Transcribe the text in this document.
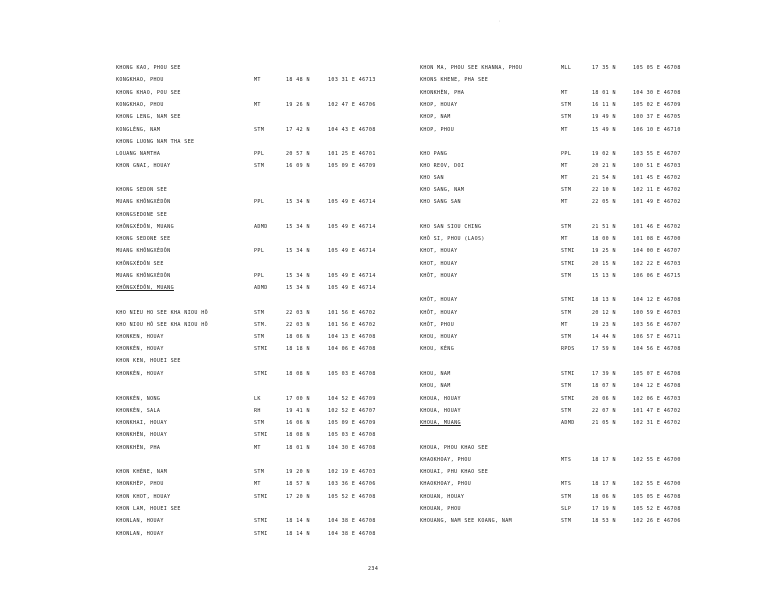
'
KHONG KAO, PHOU SEE
KONGKHAO, PHOU	MT	18 48 N	103 31 E 46713
KHONG KHAO, POU SEE
KONGKHAO, PHOU	MT	19 26 N	102 47 E 46706
KHONG LENG, NAM SEE
KONGLÈNG, NAM	STM	17 42 N	104 43 E 46708
KHONG LUONG NAM THA SEE
LOUANG NAMTHA	PPL	20 57 N	101 25 E 46701
KHON GNAI, HOUAY	STM	16 09 N	105 09 E 46709
KHONG SEDON SEE
MUANG KHÔNGXÉDÔN	PPL	15 34 N	105 49 E 46714
KHONGSEDONE SEE
KHÔNGXÉDÔN, MUANG	ADMD	15 34 N	105 49 E 46714
KHONG SEDONE SEE
MUANG KHÔNGXÉDÔN	PPL	15 34 N	105 49 E 46714
KHÔNGXÉDÔN SEE
MUANG KHÔNGXÉDÔN	PPL	15 34 N	105 49 E 46714
KHÔNGXÉDÔN, MUANG	ADMD	15 34 N	105 49 E 46714
KHO NIEU HO SEE KHA NIOU HÔ	STM	22 03 N	101 56 E 46702
KHO NIOU HÔ SEE KHA NIOU HÔ	STM.	22 03 N	101 56 E 46702
KHONKEN, HOUAY	STM	18 06 N	104 13 E 46708
KHONKÈN, HOUAY	STMI	18 18 N	104 06 E 46708
KHON KEN, HOUEI SEE
KHONKÈN, HOUAY	STMI	18 08 N	105 03 E 46708
KHONKÈN, NONG	LK	17 00 N	104 52 E 46709
KHONKÈN, SALA	RH	19 41 N	102 52 E 46707
KHONKHAI, HOUAY	STM	16 06 N	105 09 E 46709
KHONKHÈN, HOUAY	STMI	18 08 N	105 03 E 46708
KHONKHÈN, PHA	MT	18 01 N	104 30 E 46708
KHON KHÈNE, NAM	STM	19 20 N	102 19 E 46703
KHONKHÈP, PHOU	MT	18 57 N	103 36 E 46706
KHON KHOT, HOUAY	STMI	17 20 N	105 52 E 46708
KHON LAM, HOUEI SEE
KHONLAN, HOUAY	STMI	18 14 N	104 38 E 46708
KHONLAN, HOUAY	STMI	18 14 N	104 38 E 46708
KHON MA, PHOU SEE KHANNA, PHOU	MLL	17 35 N	105 05 E 46708
KHONS KHENE, PHA SEE
KHONKHÈN, PHA	MT	18 01 N	104 30 E 46708
KHOP, HOUAY	STM	16 11 N	105 02 E 46709
KHOP, NAM	STM	19 49 N	100 37 E 46705
KHOP, PHOU	MT	15 49 N	106 10 E 46710
KHO PANG	PPL	19 02 N	103 55 E 46707
KHO REOV, DOI	MT	20 21 N	100 51 E 46703
KHO SAN	MT	21 54 N	101 45 E 46702
KHO SANG, NAM	STM	22 10 N	102 11 E 46702
KHO SANG SAN	MT	22 05 N	101 49 E 46702
KHO SAN SIOU CHING	STM	21 51 N	101 46 E 46702
KHÔ SI, PHOU (LAOS)	MT	18 00 N	101 08 E 46700
KHOT, HOUAY	STMI	19 25 N	104 00 E 46707
KHOT, HOUAY	STMI	20 15 N	102 22 E 46703
KHÔT, HOUAY	STM	15 13 N	106 06 E 46715
KHÔT, HOUAY	STMI	18 13 N	104 12 E 46708
KHÔT, HOUAY	STM	20 12 N	100 59 E 46703
KHÔT, PHOU	MT	19 23 N	103 56 E 46707
KHOU, HOUAY	STM	14 44 N	106 57 E 46711
KHOU, KÈNG	RPDS	17 59 N	104 56 E 46708
KHOU, NAM	STMI	17 39 N	105 07 E 46708
KHOU, NAM	STM	18 07 N	104 12 E 46708
KHOUA, HOUAY	STMI	20 06 N	102 06 E 46703
KHOUA, HOUAY	STM	22 07 N	101 47 E 46702
KHOUA, MUANG	ADMD	21 05 N	102 31 E 46702
KHOUA, PHOU KHAO SEE
KHAOKHOAY, PHOU	MTS	18 17 N	102 55 E 46700
KHOUAI, PHU KHAO SEE
KHAOKHOAY, PHOU	MTS	18 17 N	102 55 E 46700
KHOUAN, HOUAY	STM	18 06 N	105 05 E 46708
KHOUAN, PHOU	SLP	17 19 N	105 52 E 46708
KHOUANG, NAM SEE KOANG, NAM	STM	18 53 N	102 26 E 46706
234
